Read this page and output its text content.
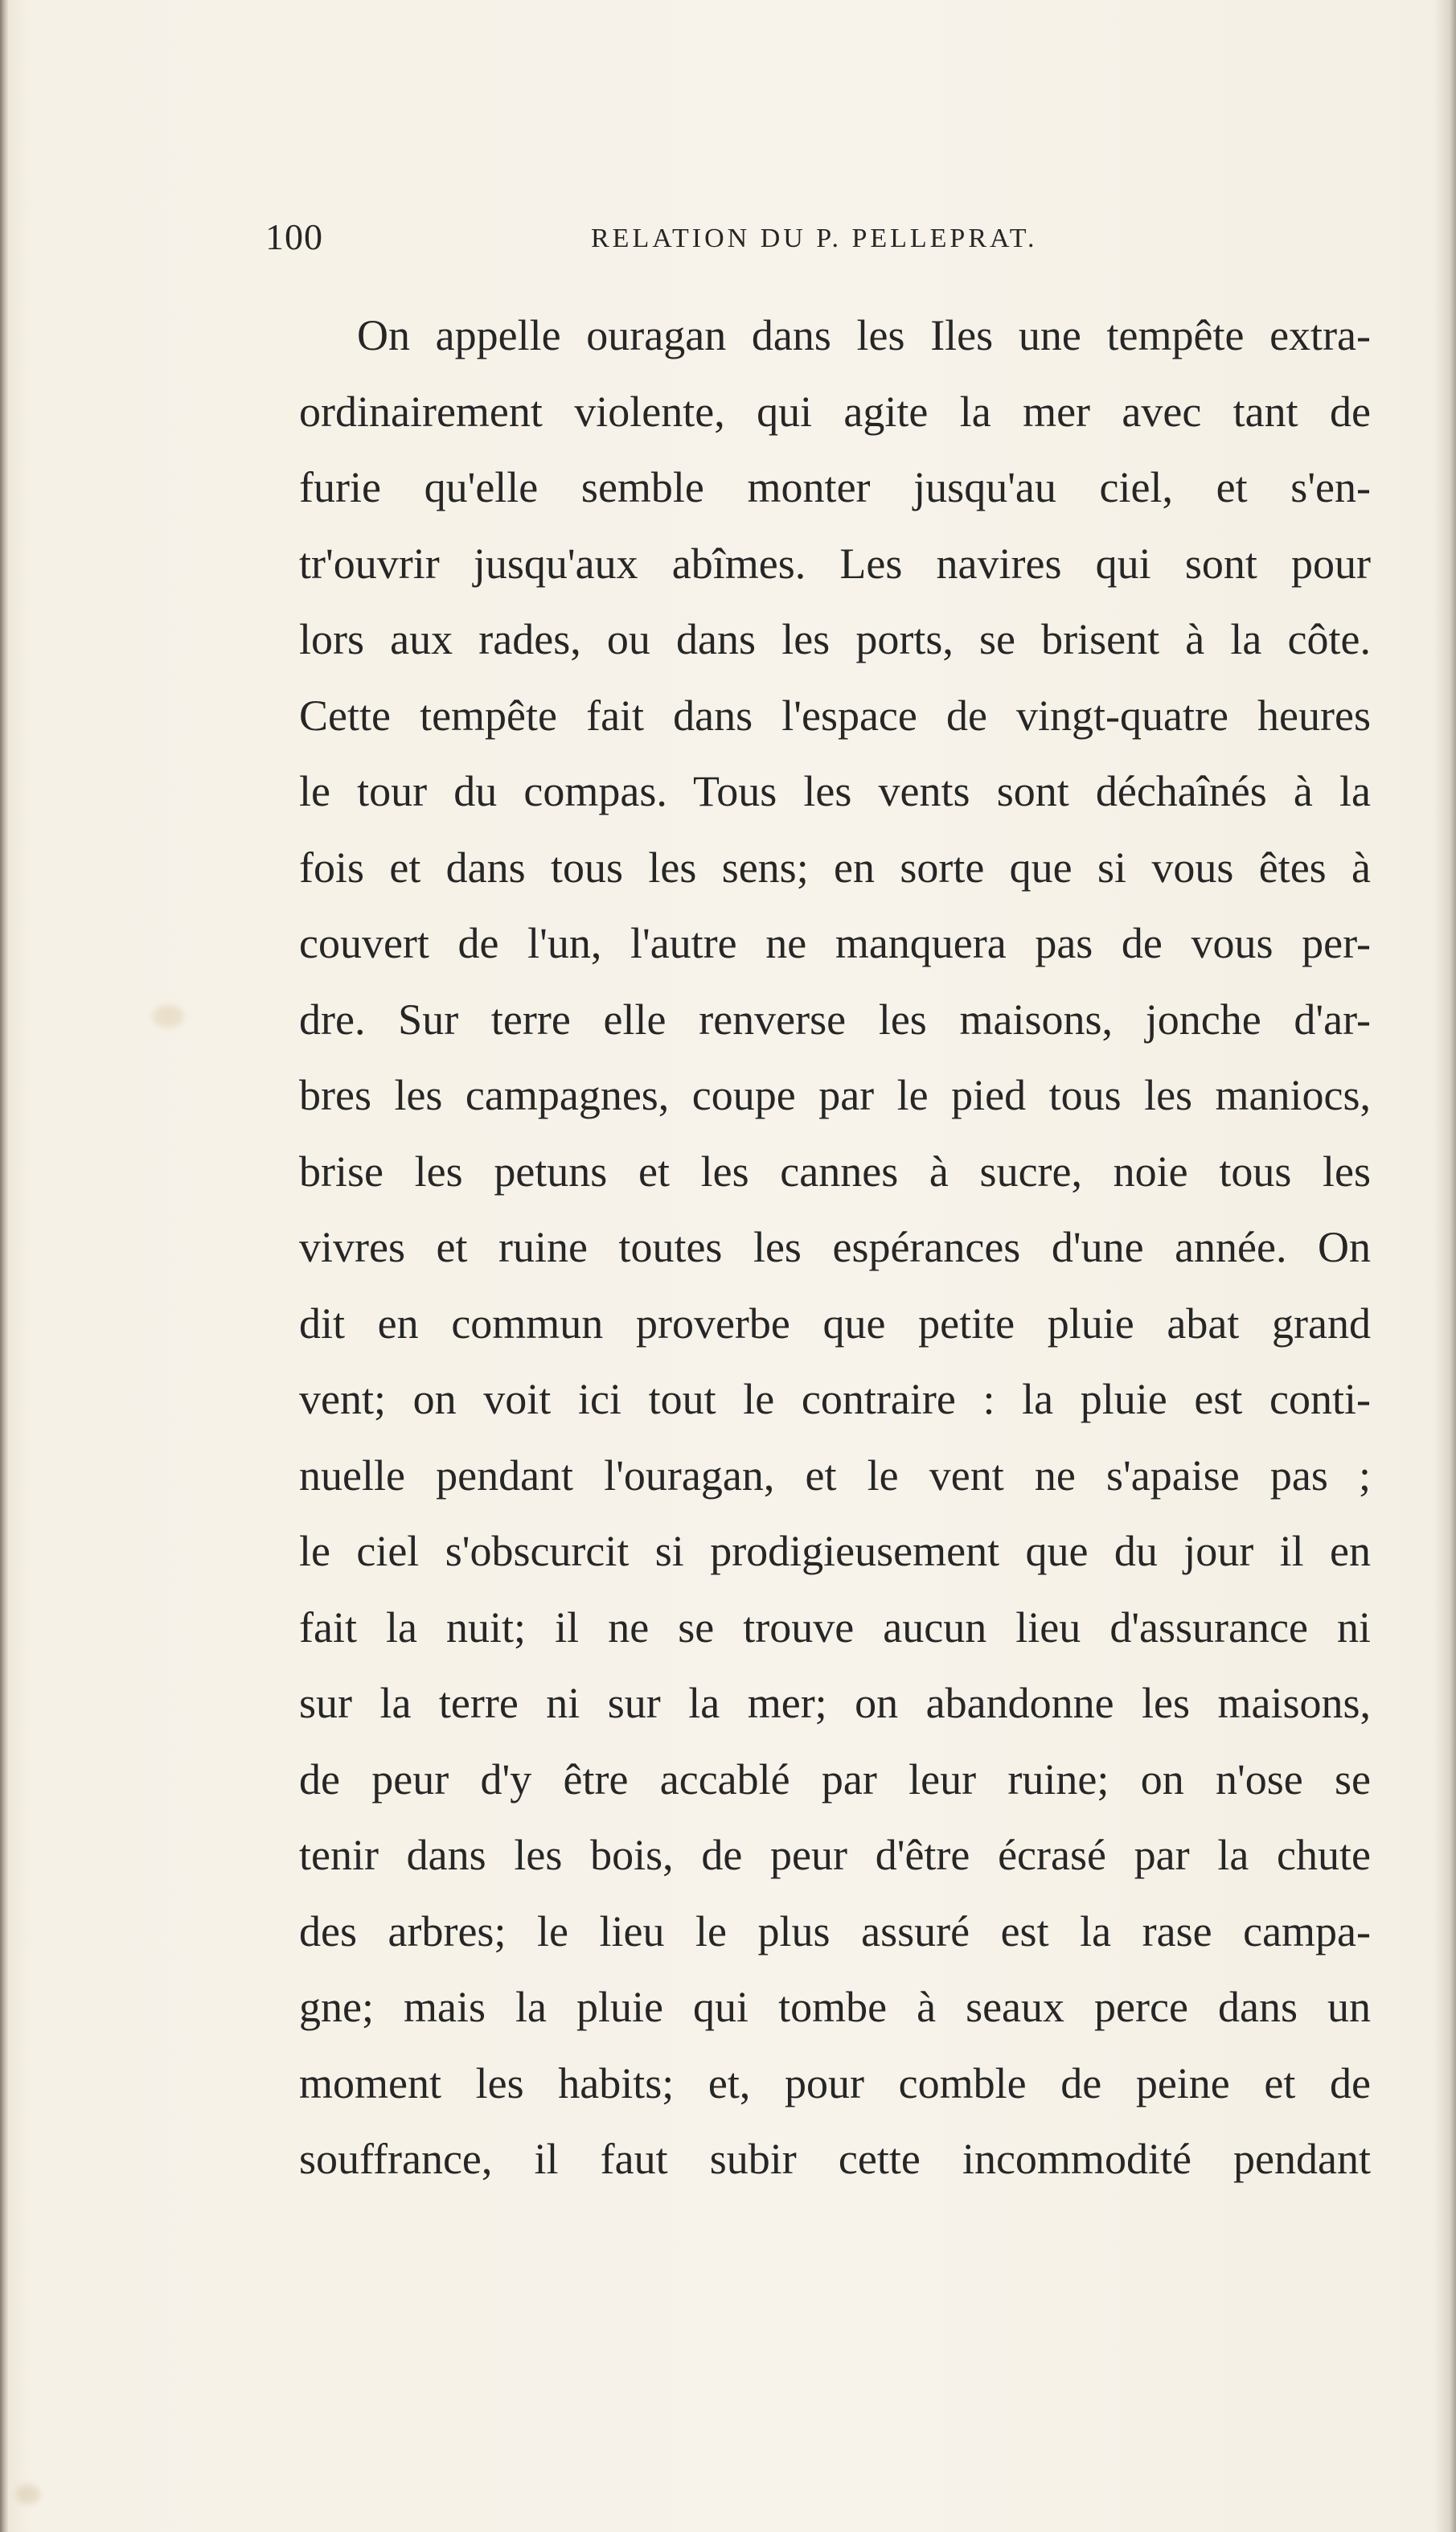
100	RELATION DU P. PELLEPRAT.
On appelle ouragan dans les Iles une tempête extra-
ordinairement violente, qui agite la mer avec tant de
furie qu'elle semble monter jusqu'au ciel, et s'en-
tr'ouvrir jusqu'aux abîmes. Les navires qui sont pour
lors aux rades, ou dans les ports, se brisent à la côte.
Cette tempête fait dans l'espace de vingt-quatre heures
le tour du compas. Tous les vents sont déchaînés à la
fois et dans tous les sens; en sorte que si vous êtes à
couvert de l'un, l'autre ne manquera pas de vous per-
dre. Sur terre elle renverse les maisons, jonche d'ar-
bres les campagnes, coupe par le pied tous les maniocs,
brise les petuns et les cannes à sucre, noie tous les
vivres et ruine toutes les espérances d'une année. On
dit en commun proverbe que petite pluie abat grand
vent; on voit ici tout le contraire : la pluie est conti-
nuelle pendant l'ouragan, et le vent ne s'apaise pas ;
le ciel s'obscurcit si prodigieusement que du jour il en
fait la nuit; il ne se trouve aucun lieu d'assurance ni
sur la terre ni sur la mer; on abandonne les maisons,
de peur d'y être accablé par leur ruine; on n'ose se
tenir dans les bois, de peur d'être écrasé par la chute
des arbres; le lieu le plus assuré est la rase campa-
gne; mais la pluie qui tombe à seaux perce dans un
moment les habits; et, pour comble de peine et de
souffrance, il faut subir cette incommodité pendant
